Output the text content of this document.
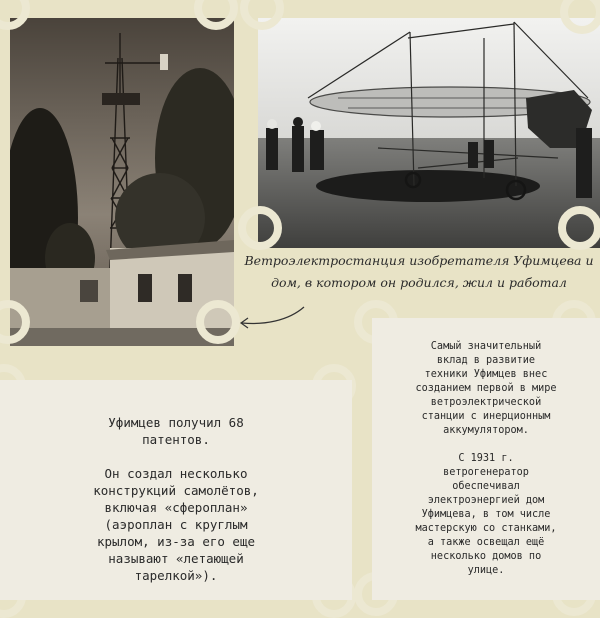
Ветроэлектростанция изобретателя Уфимцева и
дом, в котором он родился, жил и работал
Уфимцев получил 68
патентов.
Он создал несколько
конструкций самолётов,
включая «сфероплан»
(аэроплан с круглым
крылом, из-за его еще
называют «летающей
тарелкой»).
Самый значительный
вклад в развитие
техники Уфимцев внес
созданием первой в мире
ветроэлектрической
станции с инерционным
аккумулятором.
С 1931 г.
ветрогенератор
обеспечивал
электроэнергией дом
Уфимцева, в том числе
мастерскую со станками,
а также освещал ещё
несколько домов по
улице.
